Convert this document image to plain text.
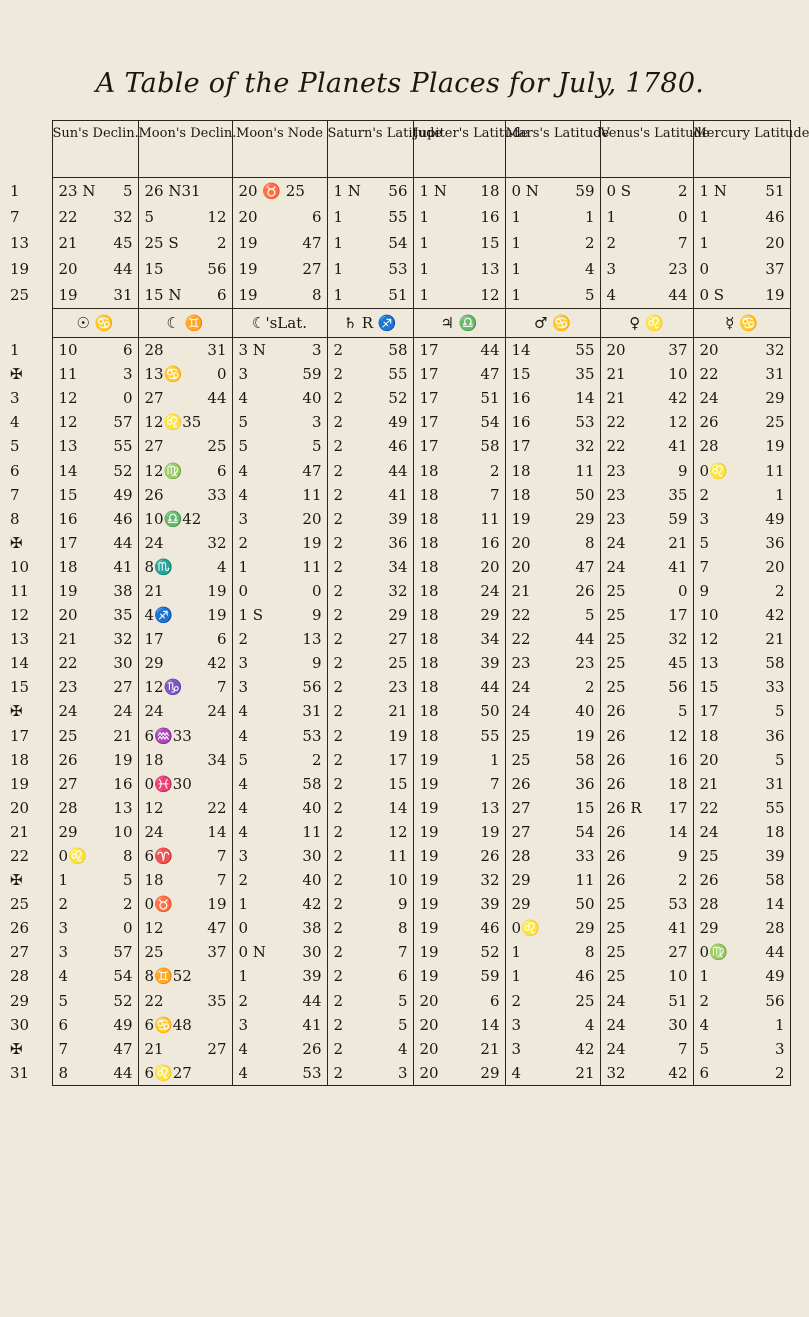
A Table of the Planets Places for July, 1780.
	Sun's Declin.	Moon's Declin.	Moon's Node	Saturn's Latitude	Jupiter's Latitude	Mars's Latitude	Venus's Latitude	Mercury Latitude
1	23 N 5	26 N31	20 ♉ 25	1 N 56	1 N 18	0 N 59	0 S 2	1 N 51

7	22 32	5 12	20 6	1 55	1 16	1 1	1 0	1 46

13	21 45	25 S 2	19 47	1 54	1 15	1 2	2 7	1 20

19	20 44	15 56	19 27	1 53	1 13	1 4	3 23	0 37

25	19 31	15 N 6	19 8	1 51	1 12	1 5	4 44	0 S 19

	☉ ♋	☾ ♊	☾'sLat.	♄ R ♐	♃ ♎	♂ ♋	♀ ♌	☿ ♋
1	10 6	28 31	3 N 3	2 58	17 44	14 55	20 37	20 32

✠	11 3	13♋ 0	3 59	2 55	17 47	15 35	21 10	22 31

3	12 0	27 44	4 40	2 52	17 51	16 14	21 42	24 29

4	12 57	12♌35	5 3	2 49	17 54	16 53	22 12	26 25

5	13 55	27 25	5 5	2 46	17 58	17 32	22 41	28 19

6	14 52	12♍ 6	4 47	2 44	18 2	18 11	23 9	0♌ 11

7	15 49	26 33	4 11	2 41	18 7	18 50	23 35	2 1

8	16 46	10♎42	3 20	2 39	18 11	19 29	23 59	3 49

✠	17 44	24 32	2 19	2 36	18 16	20 8	24 21	5 36

10	18 41	8♏ 4	1 11	2 34	18 20	20 47	24 41	7 20

11	19 38	21 19	0 0	2 32	18 24	21 26	25 0	9 2

12	20 35	4♐ 19	1 S 9	2 29	18 29	22 5	25 17	10 42

13	21 32	17 6	2 13	2 27	18 34	22 44	25 32	12 21

14	22 30	29 42	3 9	2 25	18 39	23 23	25 45	13 58

15	23 27	12♑ 7	3 56	2 23	18 44	24 2	25 56	15 33

✠	24 24	24 24	4 31	2 21	18 50	24 40	26 5	17 5

17	25 21	6♒33	4 53	2 19	18 55	25 19	26 12	18 36

18	26 19	18 34	5 2	2 17	19 1	25 58	26 16	20 5

19	27 16	0♓30	4 58	2 15	19 7	26 36	26 18	21 31

20	28 13	12 22	4 40	2 14	19 13	27 15	26 R 17	22 55

21	29 10	24 14	4 11	2 12	19 19	27 54	26 14	24 18

22	0♌ 8	6♈ 7	3 30	2 11	19 26	28 33	26 9	25 39

✠	1 5	18 7	2 40	2 10	19 32	29 11	26 2	26 58

25	2 2	0♉ 19	1 42	2 9	19 39	29 50	25 53	28 14

26	3 0	12 47	0 38	2 8	19 46	0♌ 29	25 41	29 28

27	3 57	25 37	0 N 30	2 7	19 52	1 8	25 27	0♍ 44

28	4 54	8♊52	1 39	2 6	19 59	1 46	25 10	1 49

29	5 52	22 35	2 44	2 5	20 6	2 25	24 51	2 56

30	6 49	6♋48	3 41	2 5	20 14	3 4	24 30	4 1

✠	7 47	21 27	4 26	2 4	20 21	3 42	24 7	5 3

31	8 44	6♌27	4 53	2 3	20 29	4 21	32 42	6 2
